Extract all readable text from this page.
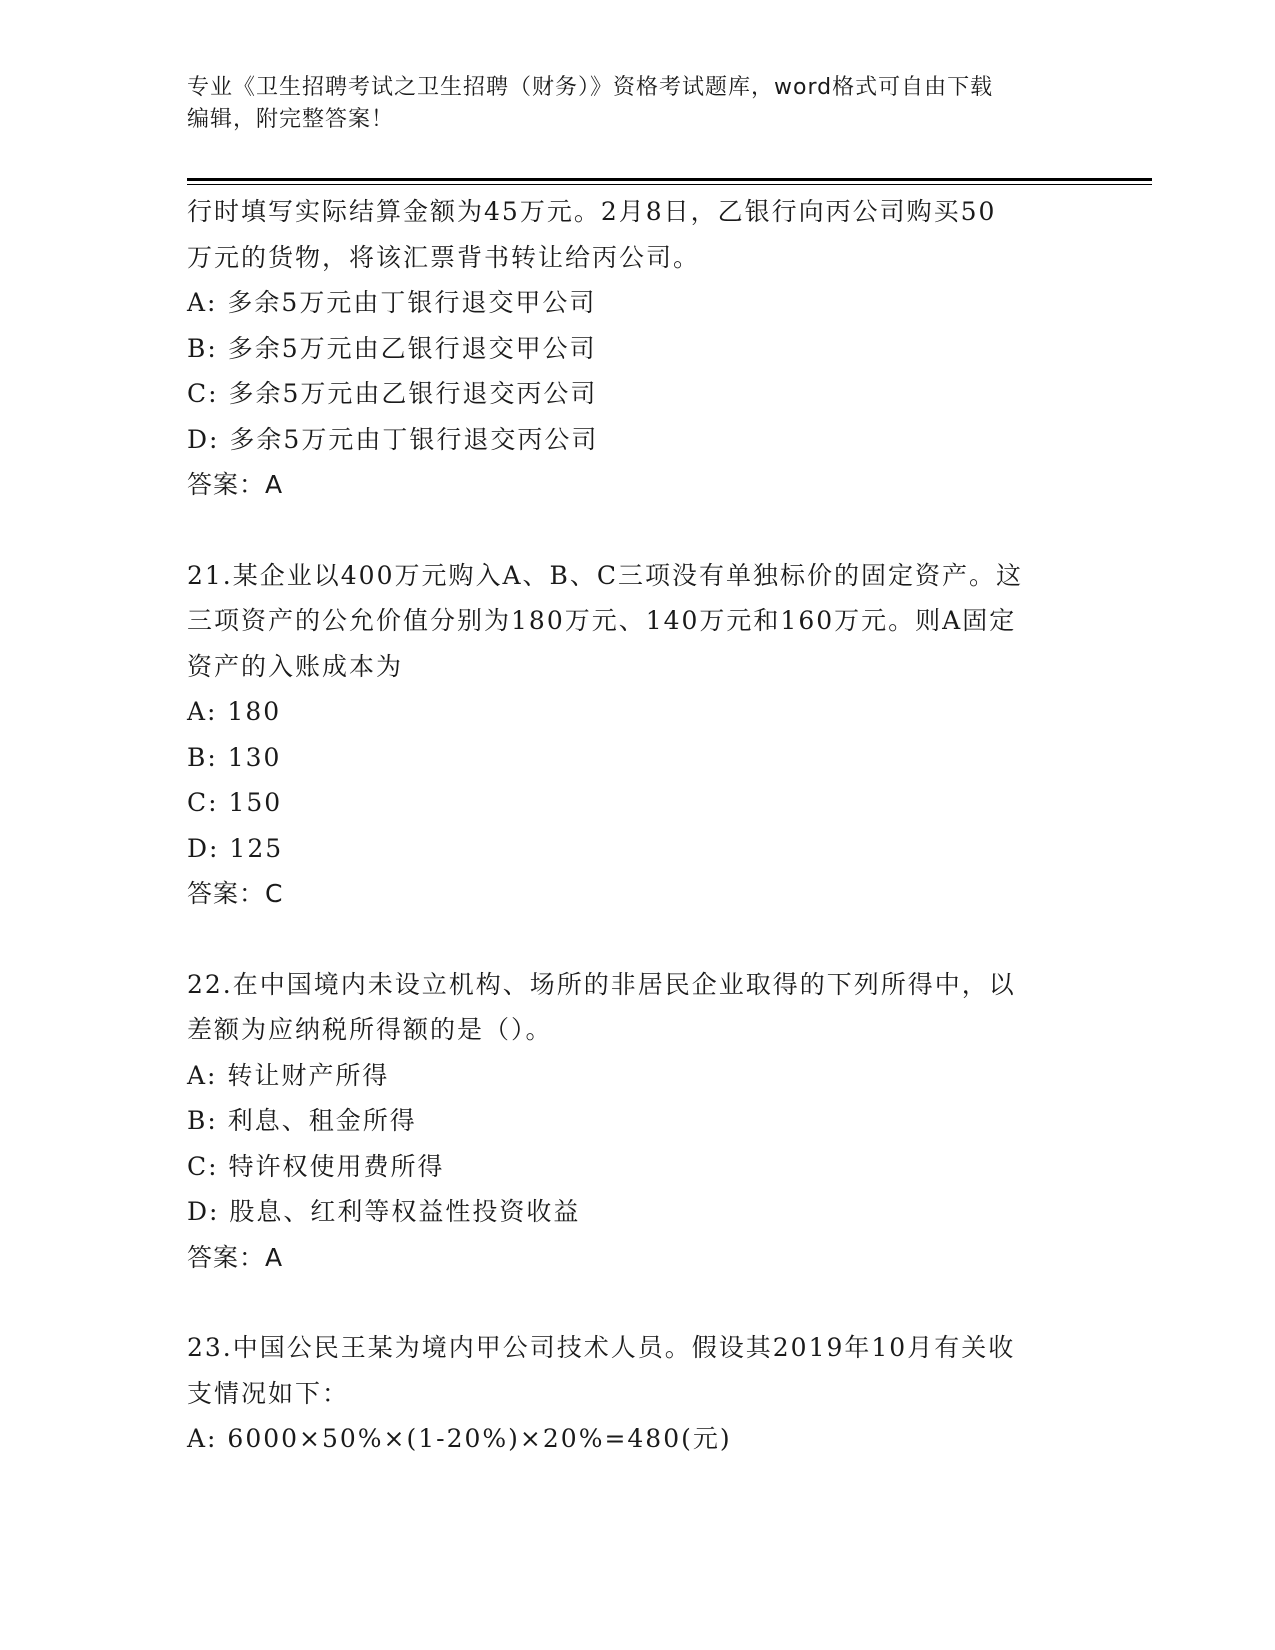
专业《卫生招聘考试之卫生招聘（财务）》资格考试题库，word格式可自由下载
编辑，附完整答案！
行时填写实际结算金额为45万元。2月8日，乙银行向丙公司购买50
万元的货物，将该汇票背书转让给丙公司。
A: 多余5万元由丁银行退交甲公司
B: 多余5万元由乙银行退交甲公司
C: 多余5万元由乙银行退交丙公司
D: 多余5万元由丁银行退交丙公司
答案：A
21.某企业以400万元购入A、B、C三项没有单独标价的固定资产。这
三项资产的公允价值分别为180万元、140万元和160万元。则A固定
资产的入账成本为
A: 180
B: 130
C: 150
D: 125
答案：C
22.在中国境内未设立机构、场所的非居民企业取得的下列所得中，以
差额为应纳税所得额的是（）。
A: 转让财产所得
B: 利息、租金所得
C: 特许权使用费所得
D: 股息、红利等权益性投资收益
答案：A
23.中国公民王某为境内甲公司技术人员。假设其2019年10月有关收
支情况如下：
A: 6000×50%×(1-20%)×20%=480(元)
